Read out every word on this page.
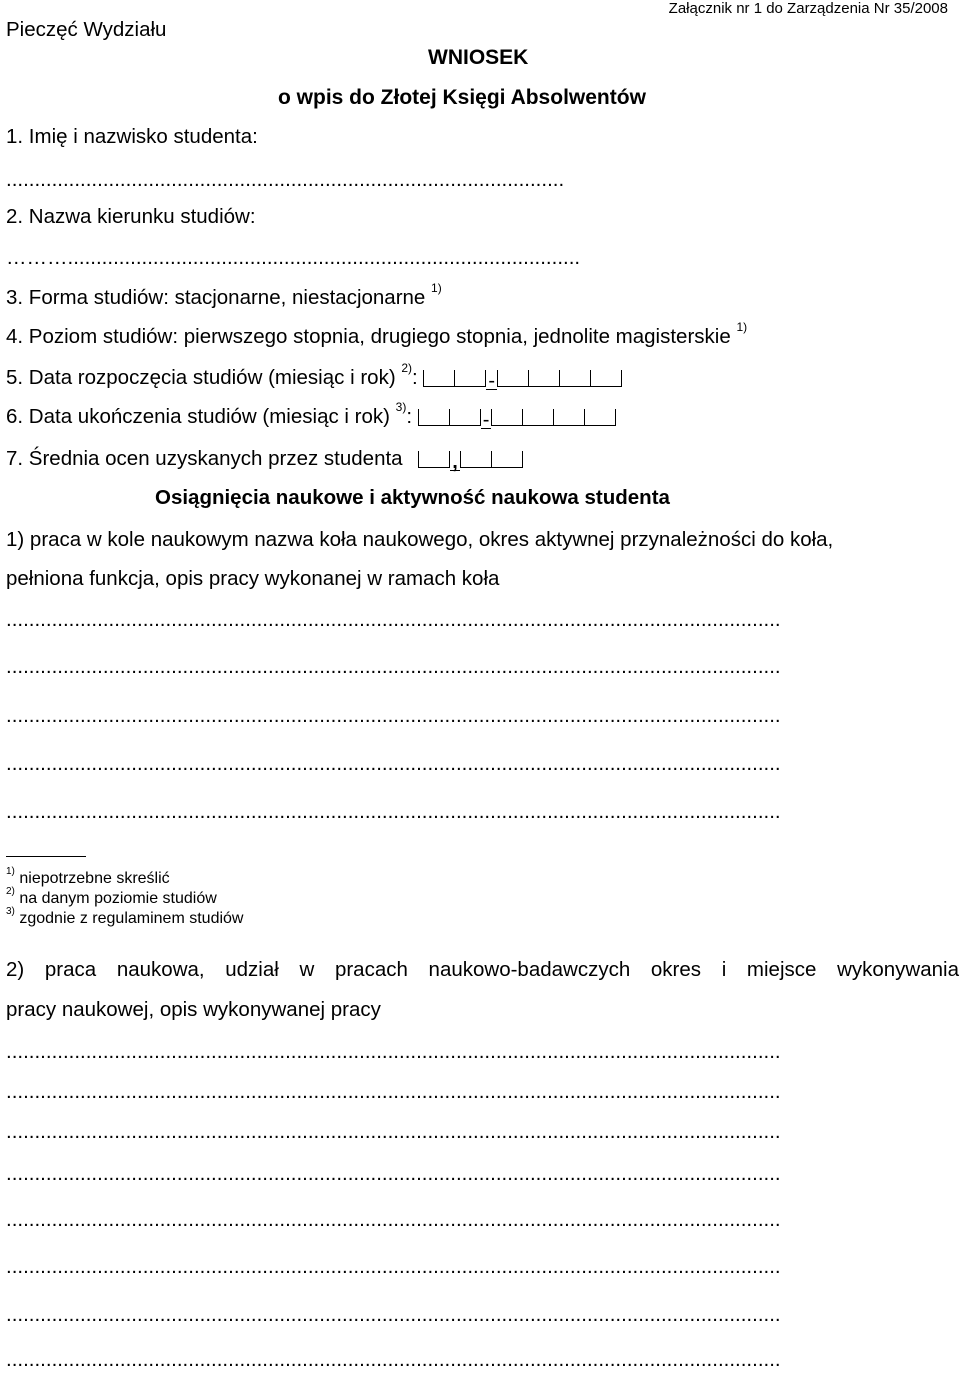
Pieczęć Wydziału
Załącznik nr 1 do Zarządzenia Nr 35/2008
WNIOSEK
o wpis do Złotej Księgi Absolwentów
1. Imię i nazwisko studenta:
..................................................................................................
2. Nazwa kierunku studiów:
………..........................................................................................
3. Forma studiów: stacjonarne, niestacjonarne $^{1)}$
4. Poziom studiów: pierwszego stopnia, drugiego stopnia, jednolite magisterskie $^{1)}$
5. Data rozpoczęcia studiów (miesiąc i rok) $^{2)}$:	-
6. Data ukończenia studiów (miesiąc i rok) $^{3)}$:	-
7. Średnia ocen uzyskanych przez studenta ,
Osiągnięcia naukowe i aktywność naukowa studenta
1) praca w kole naukowym nazwa koła naukowego, okres aktywnej przynależności do koła,
pełniona funkcja, opis pracy wykonanej w ramach koła
........................................................................................................................................
........................................................................................................................................
........................................................................................................................................
........................................................................................................................................
........................................................................................................................................
$^{1)}$ niepotrzebne skreślić
$^{2)}$ na danym poziomie studiów
$^{3)}$ zgodnie z regulaminem studiów
2) praca naukowa, udział w pracach naukowo-badawczych okres i miejsce wykonywania
pracy naukowej, opis wykonywanej pracy
........................................................................................................................................
........................................................................................................................................
........................................................................................................................................
........................................................................................................................................
........................................................................................................................................
........................................................................................................................................
........................................................................................................................................
........................................................................................................................................
